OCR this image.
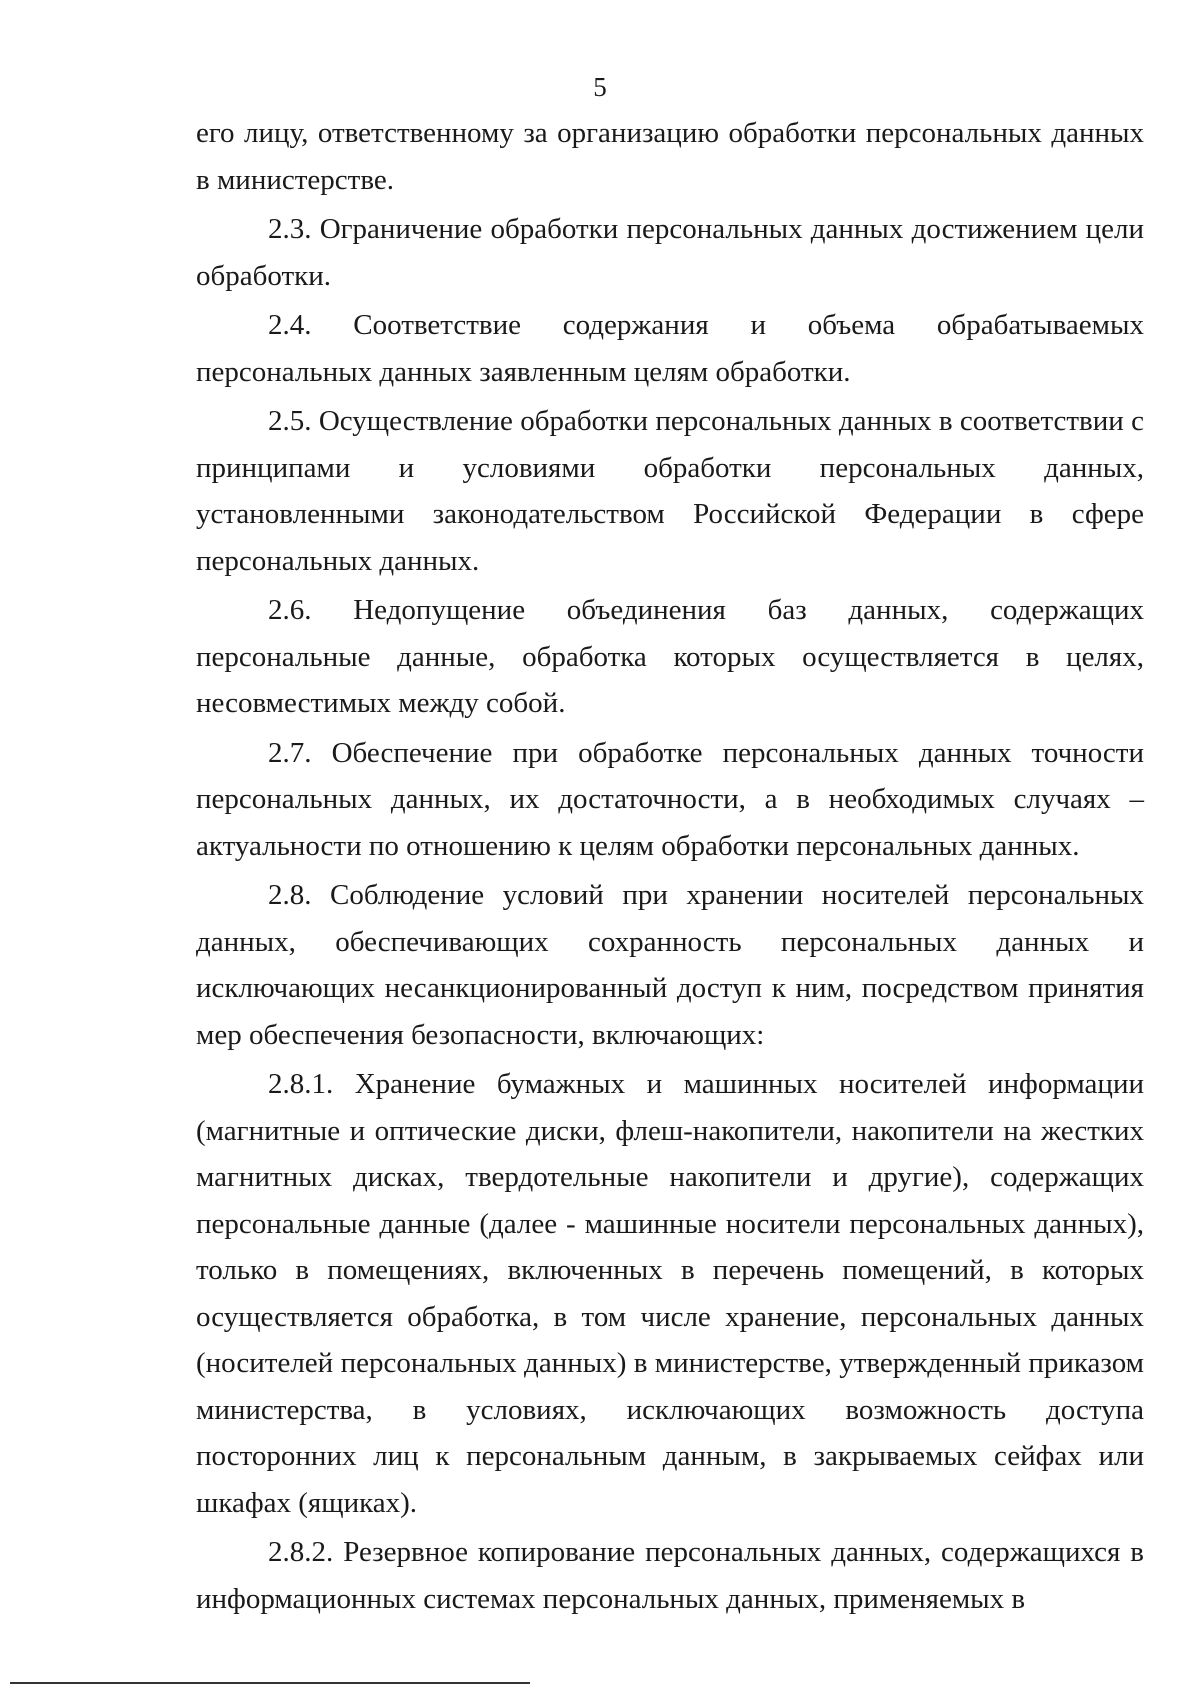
5

его лицу, ответственному за организацию обработки персональных данных в министерстве.

2.3. Ограничение обработки персональных данных достижением цели обработки.

2.4. Соответствие содержания и объема обрабатываемых персональных данных заявленным целям обработки.

2.5. Осуществление обработки персональных данных в соответствии с принципами и условиями обработки персональных данных, установленными законодательством Российской Федерации в сфере персональных данных.

2.6. Недопущение объединения баз данных, содержащих персональные данные, обработка которых осуществляется в целях, несовместимых между собой.

2.7. Обеспечение при обработке персональных данных точности персональных данных, их достаточности, а в необходимых случаях – актуальности по отношению к целям обработки персональных данных.

2.8. Соблюдение условий при хранении носителей персональных данных, обеспечивающих сохранность персональных данных и исключающих несанкционированный доступ к ним, посредством принятия мер обеспечения безопасности, включающих:

2.8.1. Хранение бумажных и машинных носителей информации (магнитные и оптические диски, флеш-накопители, накопители на жестких магнитных дисках, твердотельные накопители и другие), содержащих персональные данные (далее - машинные носители персональных данных), только в помещениях, включенных в перечень помещений, в которых осуществляется обработка, в том числе хранение, персональных данных (носителей персональных данных) в министерстве, утвержденный приказом министерства, в условиях, исключающих возможность доступа посторонних лиц к персональным данным, в закрываемых сейфах или шкафах (ящиках).

2.8.2. Резервное копирование персональных данных, содержащихся в информационных системах персональных данных, применяемых в
